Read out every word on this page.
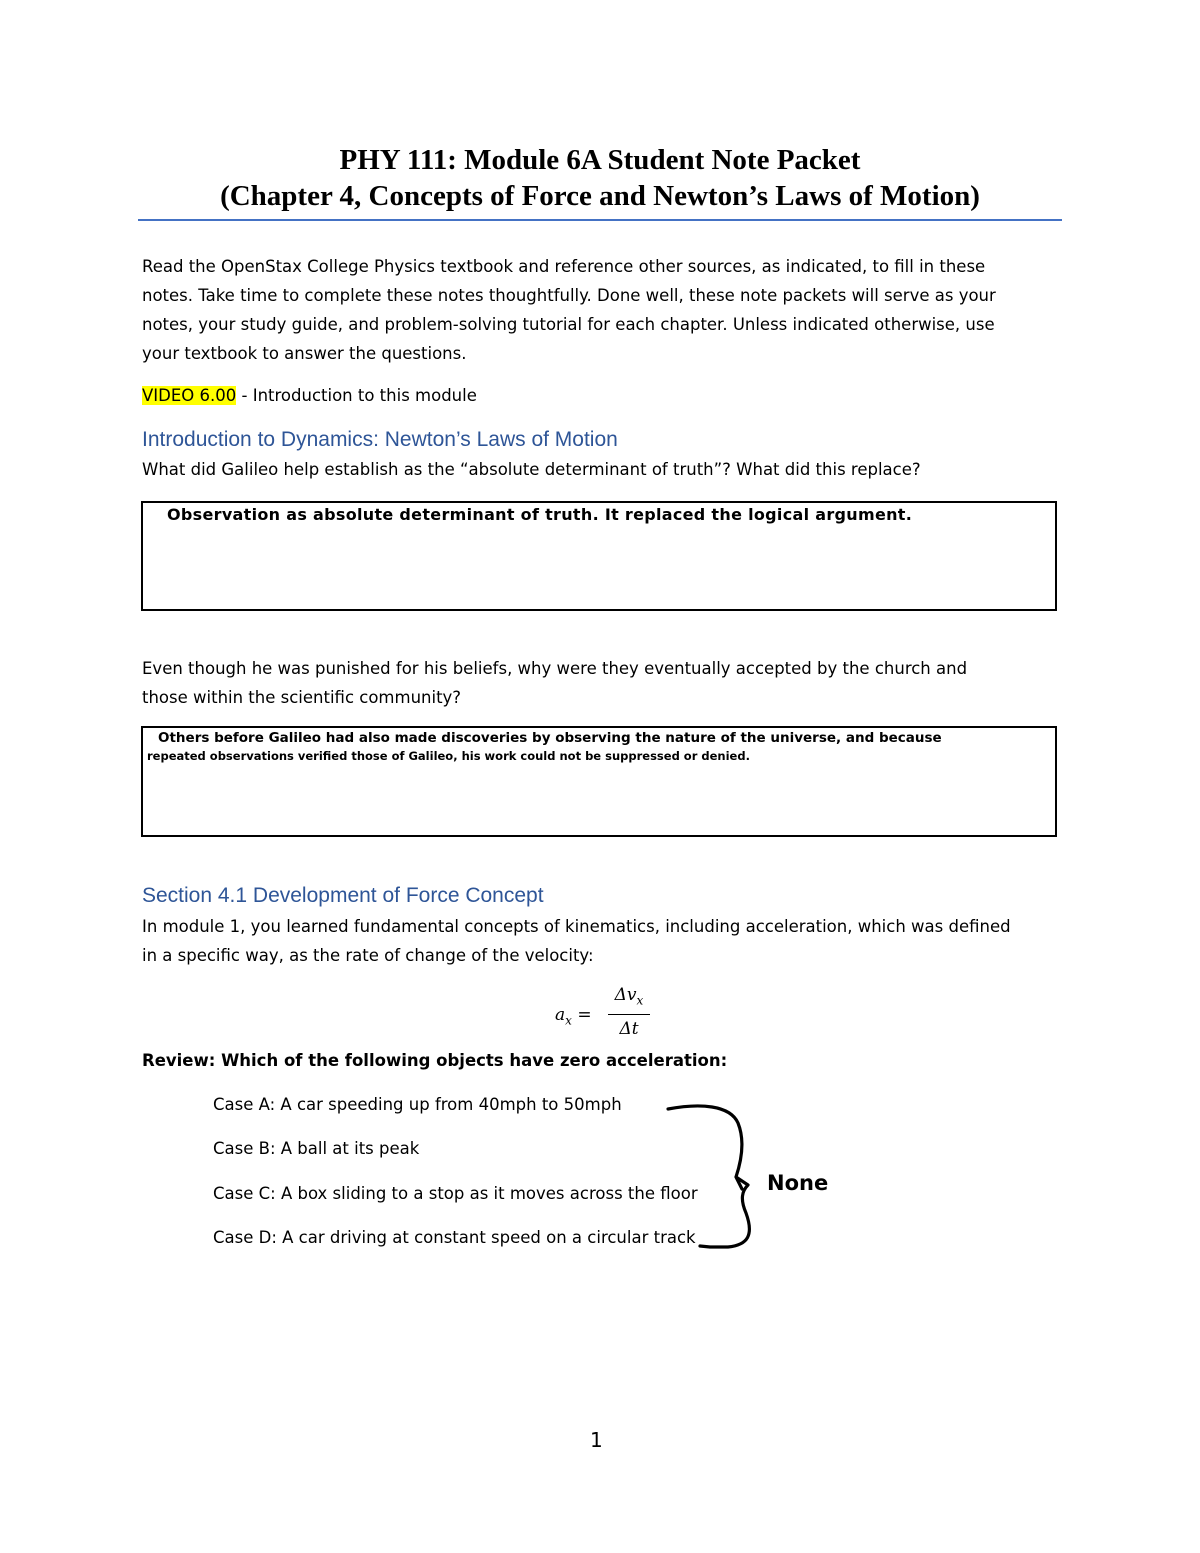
PHY 111: Module 6A Student Note Packet
(Chapter 4, Concepts of Force and Newton’s Laws of Motion)
Read the OpenStax College Physics textbook and reference other sources, as indicated, to fill in these
notes. Take time to complete these notes thoughtfully. Done well, these note packets will serve as your
notes, your study guide, and problem-solving tutorial for each chapter. Unless indicated otherwise, use
your textbook to answer the questions.
VIDEO 6.00 - Introduction to this module
Introduction to Dynamics: Newton’s Laws of Motion
What did Galileo help establish as the “absolute determinant of truth”? What did this replace?
Observation as absolute determinant of truth. It replaced the logical argument.
Even though he was punished for his beliefs, why were they eventually accepted by the church and
those within the scientific community?
Others before Galileo had also made discoveries by observing the nature of the universe, and because
repeated observations verified those of Galileo, his work could not be suppressed or denied.
Section 4.1 Development of Force Concept
In module 1, you learned fundamental concepts of kinematics, including acceleration, which was defined
in a specific way, as the rate of change of the velocity:
$a_x$ =
$\Delta v_x$
Δt
Review: Which of the following objects have zero acceleration:
Case A: A car speeding up from 40mph to 50mph
Case B: A ball at its peak
Case C: A box sliding to a stop as it moves across the floor
Case D: A car driving at constant speed on a circular track
None
1
